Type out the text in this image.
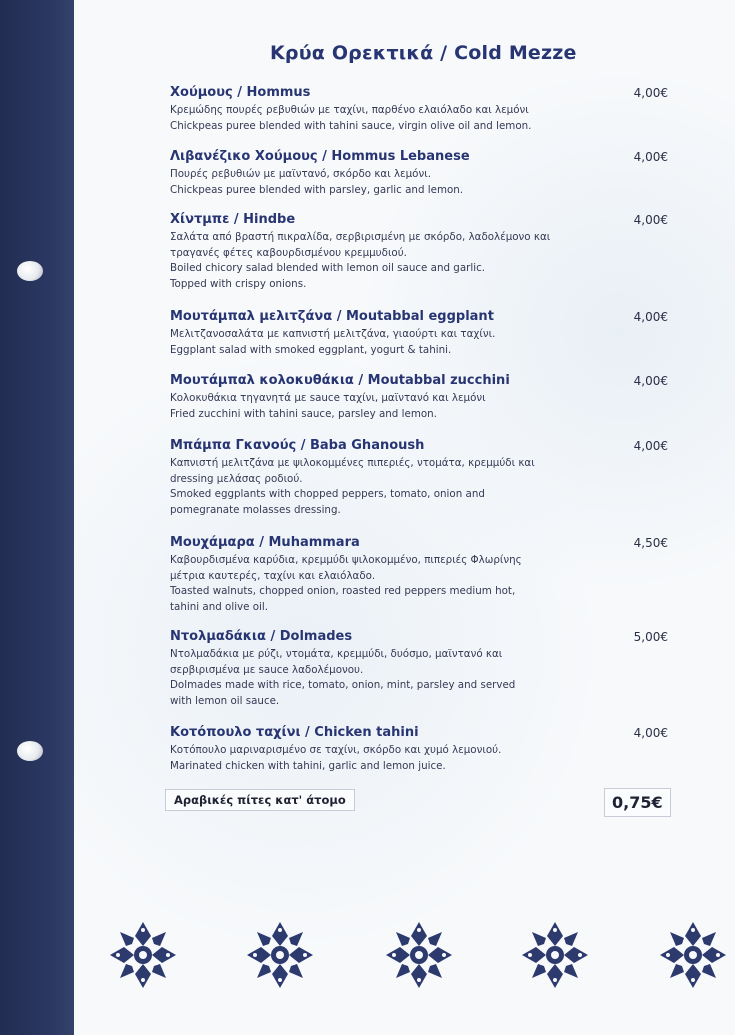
Κρύα Ορεκτικά / Cold Mezze
Χούμους / Hommus	4,00€
Κρεμώδης πουρές ρεβυθιών με ταχίνι, παρθένο ελαιόλαδο και λεμόνι
Chickpeas puree blended with tahini sauce, virgin olive oil and lemon.
Λιβανέζικο Χούμους / Hommus Lebanese	4,00€
Πουρές ρεβυθιών με μαϊντανό, σκόρδο και λεμόνι.
Chickpeas puree blended with parsley, garlic and lemon.
Χίντμπε / Hindbe	4,00€
Σαλάτα από βραστή πικραλίδα, σερβιρισμένη με σκόρδο, λαδολέμονο και
τραγανές φέτες καβουρδισμένου κρεμμυδιού.
Boiled chicory salad blended with lemon oil sauce and garlic.
Topped with crispy onions.
Μουτάμπαλ μελιτζάνα / Moutabbal eggplant	4,00€
Μελιτζανοσαλάτα με καπνιστή μελιτζάνα, γιαούρτι και ταχίνι.
Eggplant salad with smoked eggplant, yogurt & tahini.
Μουτάμπαλ κολοκυθάκια / Moutabbal zucchini	4,00€
Κολοκυθάκια τηγανητά με sauce ταχίνι, μαϊντανό και λεμόνι
Fried zucchini with tahini sauce, parsley and lemon.
Μπάμπα Γκανούς / Baba Ghanoush	4,00€
Καπνιστή μελιτζάνα με ψιλοκομμένες πιπεριές, ντομάτα, κρεμμύδι και
dressing μελάσας ροδιού.
Smoked eggplants with chopped peppers, tomato, onion and
pomegranate molasses dressing.
Μουχάμαρα / Muhammara	4,50€
Καβουρδισμένα καρύδια, κρεμμύδι ψιλοκομμένο, πιπεριές Φλωρίνης
μέτρια καυτερές, ταχίνι και ελαιόλαδο.
Toasted walnuts, chopped onion, roasted red peppers medium hot,
tahini and olive oil.
Ντολμαδάκια / Dolmades	5,00€
Ντολμαδάκια με ρύζι, ντομάτα, κρεμμύδι, δυόσμο, μαϊντανό και
σερβιρισμένα με sauce λαδολέμονου.
Dolmades made with rice, tomato, onion, mint, parsley and served
with lemon oil sauce.
Κοτόπουλο ταχίνι / Chicken tahini	4,00€
Κοτόπουλο μαριναρισμένο σε ταχίνι, σκόρδο και χυμό λεμονιού.
Marinated chicken with tahini, garlic and lemon juice.
Αραβικές πίτες κατ' άτομο	0,75€
